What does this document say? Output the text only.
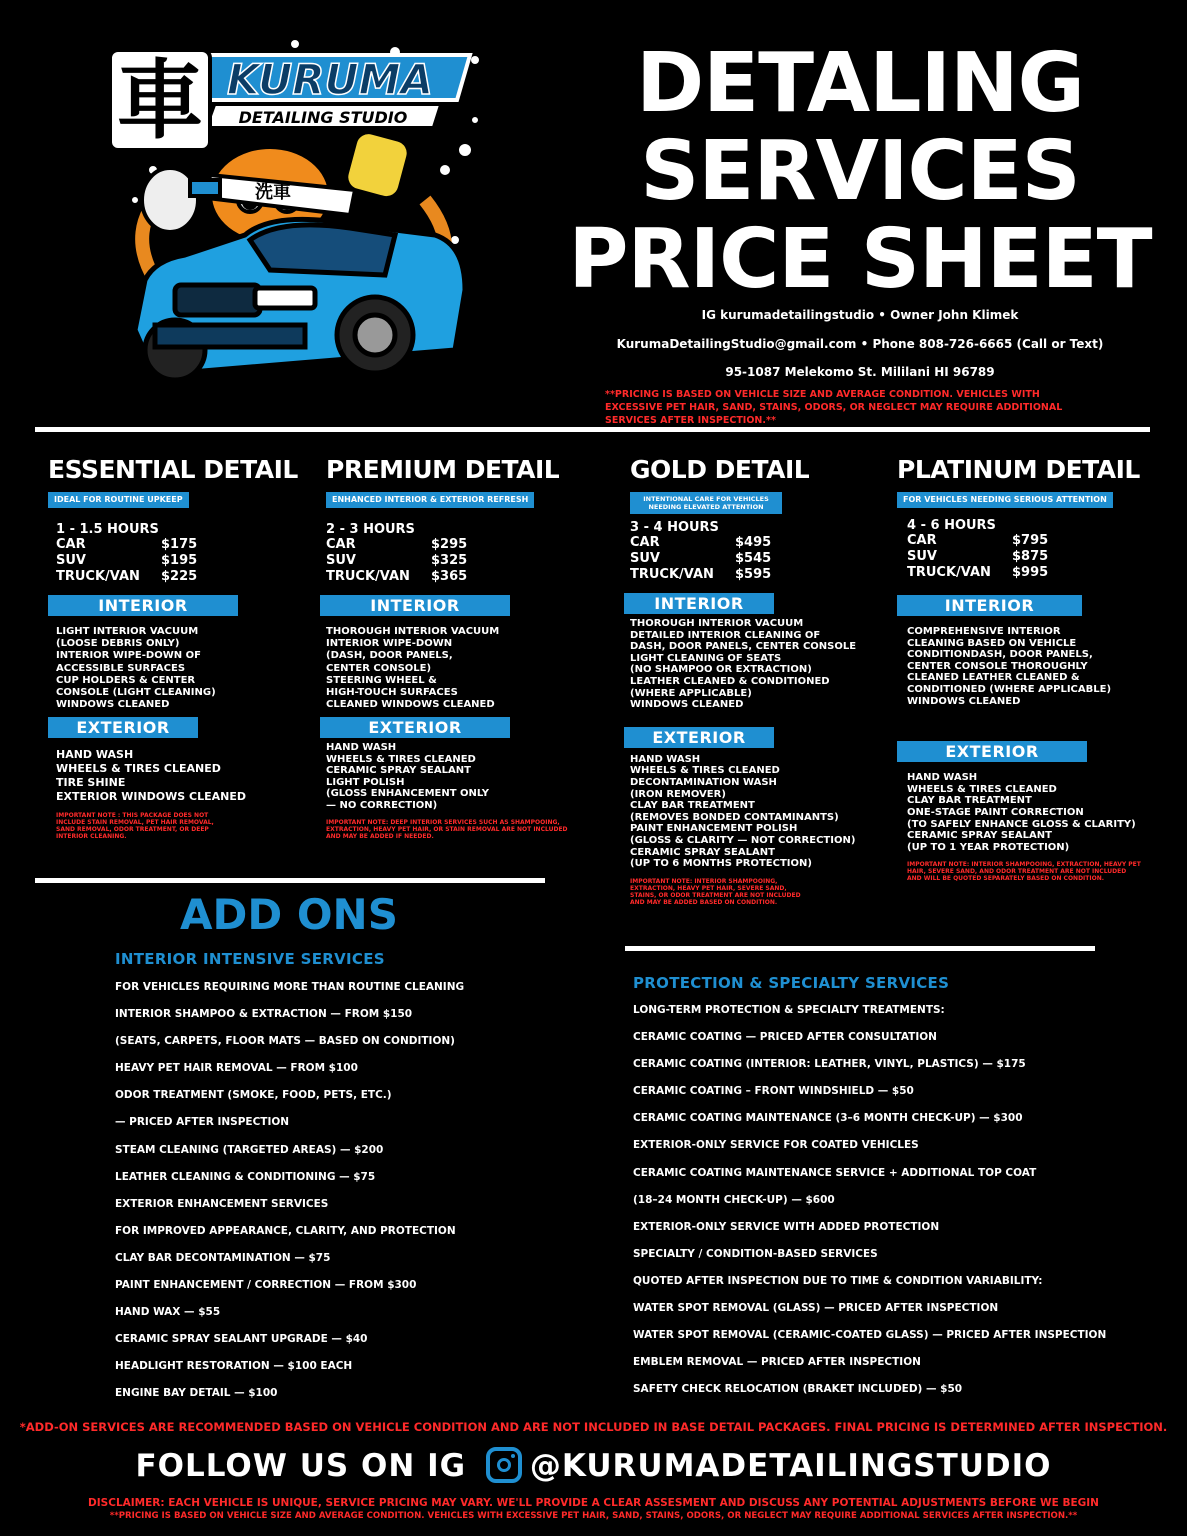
KURUMA
DETAILING STUDIO
車
洗車
DETALING
SERVICES
PRICE SHEET
IG kurumadetailingstudio • Owner John Klimek
KurumaDetailingStudio@gmail.com • Phone 808-726-6665 (Call or Text)
95-1087 Melekomo St. Mililani HI 96789
**PRICING IS BASED ON VEHICLE SIZE AND AVERAGE CONDITION. VEHICLES WITH EXCESSIVE PET HAIR, SAND, STAINS, ODORS, OR NEGLECT MAY REQUIRE ADDITIONAL SERVICES AFTER INSPECTION.**
ESSENTIAL DETAIL
IDEAL FOR ROUTINE UPKEEP
1 - 1.5 HOURS
CAR	$175
SUV	$195
TRUCK/VAN	$225
INTERIOR
LIGHT INTERIOR VACUUM
(LOOSE DEBRIS ONLY)
INTERIOR WIPE-DOWN OF
ACCESSIBLE SURFACES
CUP HOLDERS & CENTER
CONSOLE (LIGHT CLEANING)
WINDOWS CLEANED
EXTERIOR
HAND WASH
WHEELS & TIRES CLEANED
TIRE SHINE
EXTERIOR WINDOWS CLEANED
IMPORTANT NOTE : THIS PACKAGE DOES NOT INCLUDE STAIN REMOVAL, PET HAIR REMOVAL, SAND REMOVAL, ODOR TREATMENT, OR DEEP INTERIOR CLEANING.
PREMIUM DETAIL
ENHANCED INTERIOR & EXTERIOR REFRESH
2 - 3 HOURS
CAR	$295
SUV	$325
TRUCK/VAN	$365
INTERIOR
THOROUGH INTERIOR VACUUM
INTERIOR WIPE-DOWN
(DASH, DOOR PANELS,
CENTER CONSOLE)
STEERING WHEEL &
HIGH-TOUCH SURFACES
CLEANED WINDOWS CLEANED
EXTERIOR
HAND WASH
WHEELS & TIRES CLEANED
CERAMIC SPRAY SEALANT
LIGHT POLISH
(GLOSS ENHANCEMENT ONLY
— NO CORRECTION)
IMPORTANT NOTE: DEEP INTERIOR SERVICES SUCH AS SHAMPOOING, EXTRACTION, HEAVY PET HAIR, OR STAIN REMOVAL ARE NOT INCLUDED AND MAY BE ADDED IF NEEDED.
GOLD DETAIL
INTENTIONAL CARE FOR VEHICLES NEEDING ELEVATED ATTENTION
3 - 4 HOURS
CAR	$495
SUV	$545
TRUCK/VAN	$595
INTERIOR
THOROUGH INTERIOR VACUUM
DETAILED INTERIOR CLEANING OF
DASH, DOOR PANELS, CENTER CONSOLE
LIGHT CLEANING OF SEATS
(NO SHAMPOO OR EXTRACTION)
LEATHER CLEANED & CONDITIONED
(WHERE APPLICABLE)
WINDOWS CLEANED
EXTERIOR
HAND WASH
WHEELS & TIRES CLEANED
DECONTAMINATION WASH
(IRON REMOVER)
CLAY BAR TREATMENT
(REMOVES BONDED CONTAMINANTS)
PAINT ENHANCEMENT POLISH
(GLOSS & CLARITY — NOT CORRECTION)
CERAMIC SPRAY SEALANT
(UP TO 6 MONTHS PROTECTION)
IMPORTANT NOTE: INTERIOR SHAMPOOING, EXTRACTION, HEAVY PET HAIR, SEVERE SAND, STAINS, OR ODOR TREATMENT ARE NOT INCLUDED AND MAY BE ADDED BASED ON CONDITION.
PLATINUM DETAIL
FOR VEHICLES NEEDING SERIOUS ATTENTION
4 - 6 HOURS
CAR	$795
SUV	$875
TRUCK/VAN	$995
INTERIOR
COMPREHENSIVE INTERIOR
CLEANING BASED ON VEHICLE
CONDITIONDASH, DOOR PANELS,
CENTER CONSOLE THOROUGHLY
CLEANED LEATHER CLEANED &
CONDITIONED (WHERE APPLICABLE)
WINDOWS CLEANED
EXTERIOR
HAND WASH
WHEELS & TIRES CLEANED
CLAY BAR TREATMENT
ONE-STAGE PAINT CORRECTION
(TO SAFELY ENHANCE GLOSS & CLARITY)
CERAMIC SPRAY SEALANT
(UP TO 1 YEAR PROTECTION)
IMPORTANT NOTE: INTERIOR SHAMPOOING, EXTRACTION, HEAVY PET HAIR, SEVERE SAND, AND ODOR TREATMENT ARE NOT INCLUDED AND WILL BE QUOTED SEPARATELY BASED ON CONDITION.
ADD ONS
INTERIOR INTENSIVE SERVICES
FOR VEHICLES REQUIRING MORE THAN ROUTINE CLEANING
INTERIOR SHAMPOO & EXTRACTION — FROM $150
(SEATS, CARPETS, FLOOR MATS — BASED ON CONDITION)
HEAVY PET HAIR REMOVAL — FROM $100
ODOR TREATMENT (SMOKE, FOOD, PETS, ETC.)
— PRICED AFTER INSPECTION
STEAM CLEANING (TARGETED AREAS) — $200
LEATHER CLEANING & CONDITIONING — $75
EXTERIOR ENHANCEMENT SERVICES
FOR IMPROVED APPEARANCE, CLARITY, AND PROTECTION
CLAY BAR DECONTAMINATION — $75
PAINT ENHANCEMENT / CORRECTION — FROM $300
HAND WAX — $55
CERAMIC SPRAY SEALANT UPGRADE — $40
HEADLIGHT RESTORATION — $100 EACH
ENGINE BAY DETAIL — $100
PROTECTION & SPECIALTY SERVICES
LONG-TERM PROTECTION & SPECIALTY TREATMENTS:
CERAMIC COATING — PRICED AFTER CONSULTATION
CERAMIC COATING (INTERIOR: LEATHER, VINYL, PLASTICS) — $175
CERAMIC COATING – FRONT WINDSHIELD — $50
CERAMIC COATING MAINTENANCE (3–6 MONTH CHECK-UP) — $300
EXTERIOR-ONLY SERVICE FOR COATED VEHICLES
CERAMIC COATING MAINTENANCE SERVICE + ADDITIONAL TOP COAT
(18–24 MONTH CHECK-UP) — $600
EXTERIOR-ONLY SERVICE WITH ADDED PROTECTION
SPECIALTY / CONDITION-BASED SERVICES
QUOTED AFTER INSPECTION DUE TO TIME & CONDITION VARIABILITY:
WATER SPOT REMOVAL (GLASS) — PRICED AFTER INSPECTION
WATER SPOT REMOVAL (CERAMIC-COATED GLASS) — PRICED AFTER INSPECTION
EMBLEM REMOVAL — PRICED AFTER INSPECTION
SAFETY CHECK RELOCATION (BRAKET INCLUDED) — $50
*ADD-ON SERVICES ARE RECOMMENDED BASED ON VEHICLE CONDITION AND ARE NOT INCLUDED IN BASE DETAIL PACKAGES. FINAL PRICING IS DETERMINED AFTER INSPECTION.
FOLLOW US ON IG @KURUMADETAILINGSTUDIO
DISCLAIMER: EACH VEHICLE IS UNIQUE, SERVICE PRICING MAY VARY. WE'LL PROVIDE A CLEAR ASSESMENT AND DISCUSS ANY POTENTIAL ADJUSTMENTS BEFORE WE BEGIN
**PRICING IS BASED ON VEHICLE SIZE AND AVERAGE CONDITION. VEHICLES WITH EXCESSIVE PET HAIR, SAND, STAINS, ODORS, OR NEGLECT MAY REQUIRE ADDITIONAL SERVICES AFTER INSPECTION.**
